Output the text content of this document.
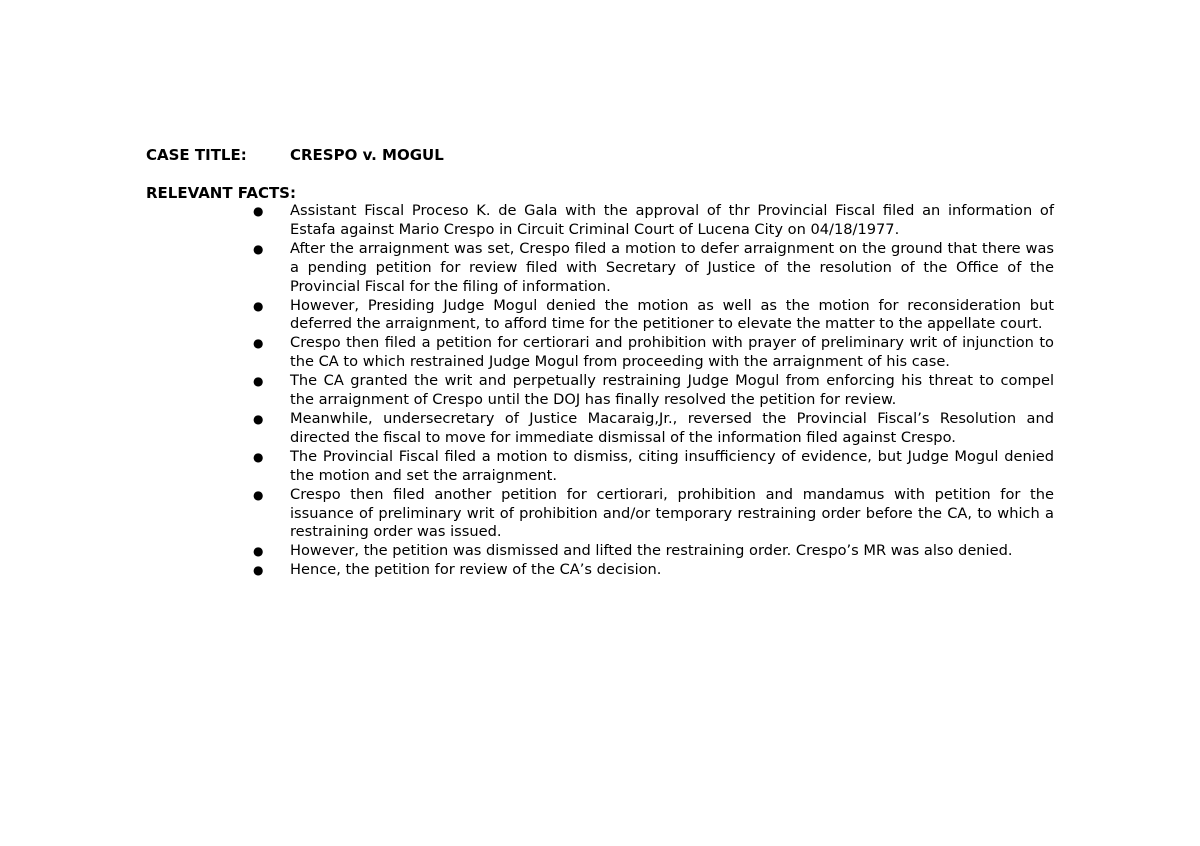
CASE TITLE:	CRESPO v. MOGUL
RELEVANT FACTS:
● Assistant Fiscal Proceso K. de Gala with the approval of thr Provincial Fiscal filed an information of Estafa against Mario Crespo in Circuit Criminal Court of Lucena City on 04/18/1977.
● After the arraignment was set, Crespo filed a motion to defer arraignment on the ground that there was a pending petition for review filed with Secretary of Justice of the resolution of the Office of the Provincial Fiscal for the filing of information.
● However, Presiding Judge Mogul denied the motion as well as the motion for reconsideration but deferred the arraignment, to afford time for the petitioner to elevate the matter to the appellate court.
● Crespo then filed a petition for certiorari and prohibition with prayer of preliminary writ of injunction to the CA to which restrained Judge Mogul from proceeding with the arraignment of his case.
● The CA granted the writ and perpetually restraining Judge Mogul from enforcing his threat to compel the arraignment of Crespo until the DOJ has finally resolved the petition for review.
● Meanwhile, undersecretary of Justice Macaraig,Jr., reversed the Provincial Fiscal’s Resolution and directed the fiscal to move for immediate dismissal of the information filed against Crespo.
● The Provincial Fiscal filed a motion to dismiss, citing insufficiency of evidence, but Judge Mogul denied the motion and set the arraignment.
● Crespo then filed another petition for certiorari, prohibition and mandamus with petition for the issuance of preliminary writ of prohibition and/or temporary restraining order before the CA, to which a restraining order was issued.
● However, the petition was dismissed and lifted the restraining order. Crespo’s MR was also denied.
● Hence, the petition for review of the CA’s decision.
